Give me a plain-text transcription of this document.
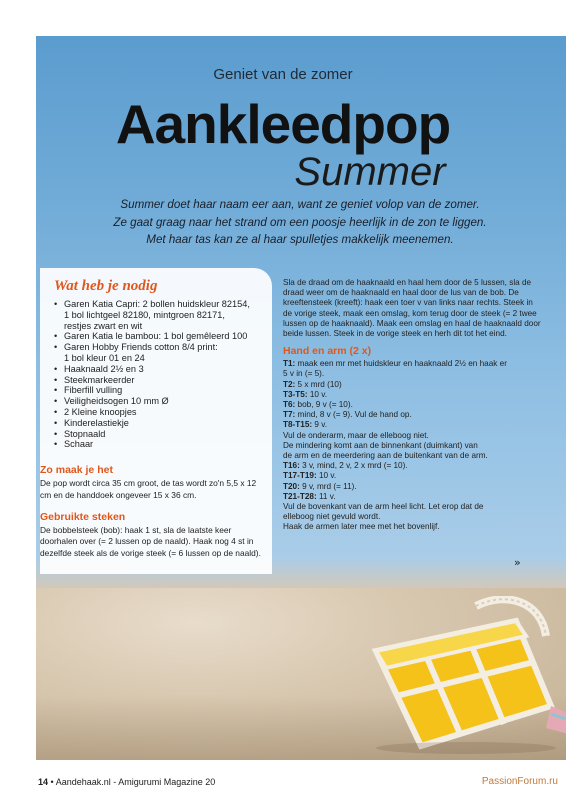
Geniet van de zomer
Aankleedpop
Summer
Summer doet haar naam eer aan, want ze geniet volop van de zomer.
Ze gaat graag naar het strand om een poosje heerlijk in de zon te liggen.
Met haar tas kan ze al haar spulletjes makkelijk meenemen.
Wat heb je nodig
• Garen Katia Capri: 2 bollen huidskleur 82154,
1 bol lichtgeel 82180, mintgroen 82171,
restjes zwart en wit
• Garen Katia le bambou: 1 bol gemêleerd 100
• Garen Hobby Friends cotton 8/4 print:
1 bol kleur 01 en 24
• Haaknaald 2½ en 3
• Steekmarkeerder
• Fiberfill vulling
• Veiligheidsogen 10 mm Ø
• 2 Kleine knoopjes
• Kinderelastiekje
• Stopnaald
• Schaar
Zo maak je het

De pop wordt circa 35 cm groot, de tas wordt zo'n 5,5 x 12 cm en de handdoek ongeveer 15 x 36 cm.

Gebruikte steken

De bobbelsteek (bob): haak 1 st, sla de laatste keer doorhalen over (= 2 lussen op de naald). Haak nog 4 st in dezelfde steek als de vorige steek (= 6 lussen op de naald).

Sla de draad om de haaknaald en haal hem door de 5 lussen, sla de draad weer om de haaknaald en haal door de lus van de bob. De kreeftensteek (kreeft): haak een toer v van links naar rechts. Steek in de vorige steek, maak een omslag, kom terug door de steek (= 2 twee lussen op de haaknaald). Maak een omslag en haal de haaknaald door beide lussen. Steek in de vorige steek en herh dit tot het eind.

Hand en arm (2 x)
T1: maak een mr met huidskleur en haaknaald 2½ en haak er
5 v in (= 5).
T2: 5 x mrd (10)
T3-T5: 10 v.
T6: bob, 9 v (= 10).
T7: mind, 8 v (= 9). Vul de hand op.
T8-T15: 9 v.
Vul de onderarm, maar de elleboog niet.
De mindering komt aan de binnenkant (duimkant) van
de arm en de meerdering aan de buitenkant van de arm.
T16: 3 v, mind, 2 v, 2 x mrd (= 10).
T17-T19: 10 v.
T20: 9 v, mrd (= 11).
T21-T28: 11 v.
Vul de bovenkant van de arm heel licht. Let erop dat de
elleboog niet gevuld wordt.
Haak de armen later mee met het bovenlijf.
»
14 • Aandehaak.nl - Amigurumi Magazine 20	PassionForum.ru
